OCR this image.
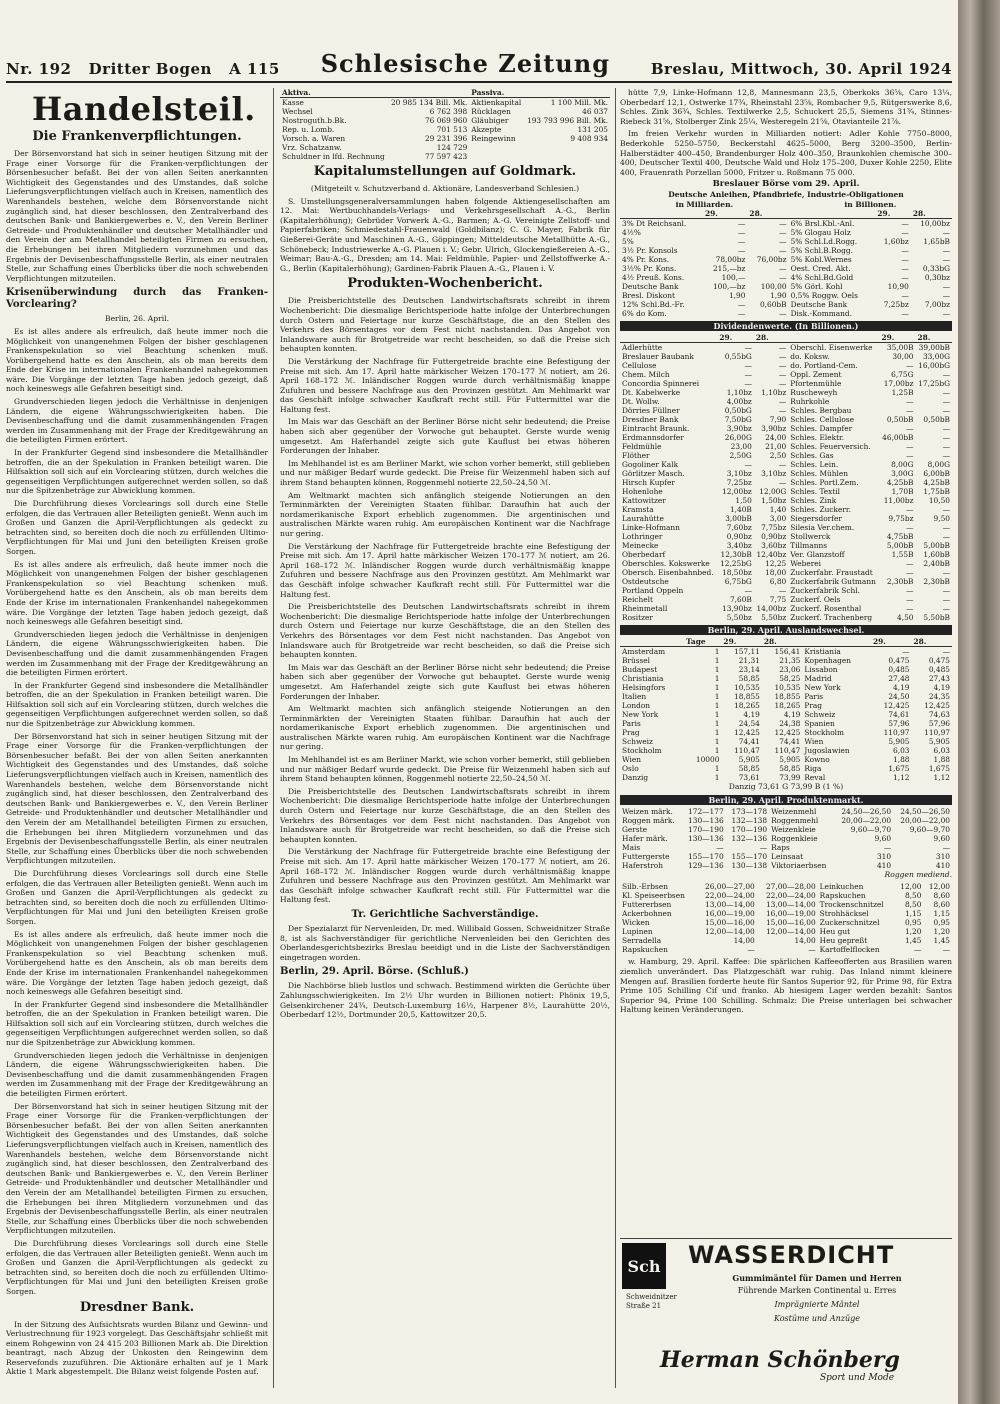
Nr. 192 Dritter Bogen A 115 Schlesische Zeitung	Breslau, Mittwoch, 30. April 1924
Handelsteil.
Die Frankenverpflichtungen.

Der Börsenvorstand hat sich in seiner heutigen Sitzung mit der Frage einer Vorsorge für die Franken-verpflichtungen der Börsenbesucher befaßt. Bei der von allen Seiten anerkannten Wichtigkeit des Gegenstandes und des Umstandes, daß solche Lieferungsverpflichtungen vielfach auch in Kreisen, namentlich des Warenhandels bestehen, welche dem Börsenvorstande nicht zugänglich sind, hat dieser beschlossen, den Zentralverband des deutschen Bank- und Bankiergewerbes e. V., den Verein Berliner Getreide- und Produktenhändler und deutscher Metallhändler und den Verein der am Metallhandel beteiligten Firmen zu ersuchen, die Erhebungen bei ihren Mitgliedern vorzunehmen und das Ergebnis der Devisenbeschaffungsstelle Berlin, als einer neutralen Stelle, zur Schaffung eines Überblicks über die noch schwebenden Verpflichtungen mitzuteilen.

Krisenüberwindung durch das Franken-Vorclearing?

Berlin, 26. April.

Es ist alles andere als erfreulich, daß heute immer noch die Möglichkeit von unangenehmen Folgen der bisher geschlagenen Frankenspekulation so viel Beachtung schenken muß. Vorübergehend hatte es den Anschein, als ob man bereits dem Ende der Krise im internationalen Frankenhandel nahegekommen wäre. Die Vorgänge der letzten Tage haben jedoch gezeigt, daß noch keineswegs alle Gefahren beseitigt sind.

Grundverschieden liegen jedoch die Verhältnisse in denjenigen Ländern, die eigene Währungsschwierigkeiten haben. Die Devisenbeschaffung und die damit zusammenhängenden Fragen werden im Zusammenhang mit der Frage der Kreditgewährung an die beteiligten Firmen erörtert.

In der Frankfurter Gegend sind insbesondere die Metallhändler betroffen, die an der Spekulation in Franken beteiligt waren. Die Hilfsaktion soll sich auf ein Vorclearing stützen, durch welches die gegenseitigen Verpflichtungen aufgerechnet werden sollen, so daß nur die Spitzenbeträge zur Abwicklung kommen.

Die Durchführung dieses Vorclearings soll durch eine Stelle erfolgen, die das Vertrauen aller Beteiligten genießt. Wenn auch im Großen und Ganzen die April-Verpflichtungen als gedeckt zu betrachten sind, so bereiten doch die noch zu erfüllenden Ultimo-Verpflichtungen für Mai und Juni den beteiligten Kreisen große Sorgen.

Es ist alles andere als erfreulich, daß heute immer noch die Möglichkeit von unangenehmen Folgen der bisher geschlagenen Frankenspekulation so viel Beachtung schenken muß. Vorübergehend hatte es den Anschein, als ob man bereits dem Ende der Krise im internationalen Frankenhandel nahegekommen wäre. Die Vorgänge der letzten Tage haben jedoch gezeigt, daß noch keineswegs alle Gefahren beseitigt sind.

Grundverschieden liegen jedoch die Verhältnisse in denjenigen Ländern, die eigene Währungsschwierigkeiten haben. Die Devisenbeschaffung und die damit zusammenhängenden Fragen werden im Zusammenhang mit der Frage der Kreditgewährung an die beteiligten Firmen erörtert.

In der Frankfurter Gegend sind insbesondere die Metallhändler betroffen, die an der Spekulation in Franken beteiligt waren. Die Hilfsaktion soll sich auf ein Vorclearing stützen, durch welches die gegenseitigen Verpflichtungen aufgerechnet werden sollen, so daß nur die Spitzenbeträge zur Abwicklung kommen.

Der Börsenvorstand hat sich in seiner heutigen Sitzung mit der Frage einer Vorsorge für die Franken-verpflichtungen der Börsenbesucher befaßt. Bei der von allen Seiten anerkannten Wichtigkeit des Gegenstandes und des Umstandes, daß solche Lieferungsverpflichtungen vielfach auch in Kreisen, namentlich des Warenhandels bestehen, welche dem Börsenvorstande nicht zugänglich sind, hat dieser beschlossen, den Zentralverband des deutschen Bank- und Bankiergewerbes e. V., den Verein Berliner Getreide- und Produktenhändler und deutscher Metallhändler und den Verein der am Metallhandel beteiligten Firmen zu ersuchen, die Erhebungen bei ihren Mitgliedern vorzunehmen und das Ergebnis der Devisenbeschaffungsstelle Berlin, als einer neutralen Stelle, zur Schaffung eines Überblicks über die noch schwebenden Verpflichtungen mitzuteilen.

Die Durchführung dieses Vorclearings soll durch eine Stelle erfolgen, die das Vertrauen aller Beteiligten genießt. Wenn auch im Großen und Ganzen die April-Verpflichtungen als gedeckt zu betrachten sind, so bereiten doch die noch zu erfüllenden Ultimo-Verpflichtungen für Mai und Juni den beteiligten Kreisen große Sorgen.

Es ist alles andere als erfreulich, daß heute immer noch die Möglichkeit von unangenehmen Folgen der bisher geschlagenen Frankenspekulation so viel Beachtung schenken muß. Vorübergehend hatte es den Anschein, als ob man bereits dem Ende der Krise im internationalen Frankenhandel nahegekommen wäre. Die Vorgänge der letzten Tage haben jedoch gezeigt, daß noch keineswegs alle Gefahren beseitigt sind.

In der Frankfurter Gegend sind insbesondere die Metallhändler betroffen, die an der Spekulation in Franken beteiligt waren. Die Hilfsaktion soll sich auf ein Vorclearing stützen, durch welches die gegenseitigen Verpflichtungen aufgerechnet werden sollen, so daß nur die Spitzenbeträge zur Abwicklung kommen.

Grundverschieden liegen jedoch die Verhältnisse in denjenigen Ländern, die eigene Währungsschwierigkeiten haben. Die Devisenbeschaffung und die damit zusammenhängenden Fragen werden im Zusammenhang mit der Frage der Kreditgewährung an die beteiligten Firmen erörtert.

Der Börsenvorstand hat sich in seiner heutigen Sitzung mit der Frage einer Vorsorge für die Franken-verpflichtungen der Börsenbesucher befaßt. Bei der von allen Seiten anerkannten Wichtigkeit des Gegenstandes und des Umstandes, daß solche Lieferungsverpflichtungen vielfach auch in Kreisen, namentlich des Warenhandels bestehen, welche dem Börsenvorstande nicht zugänglich sind, hat dieser beschlossen, den Zentralverband des deutschen Bank- und Bankiergewerbes e. V., den Verein Berliner Getreide- und Produktenhändler und deutscher Metallhändler und den Verein der am Metallhandel beteiligten Firmen zu ersuchen, die Erhebungen bei ihren Mitgliedern vorzunehmen und das Ergebnis der Devisenbeschaffungsstelle Berlin, als einer neutralen Stelle, zur Schaffung eines Überblicks über die noch schwebenden Verpflichtungen mitzuteilen.

Die Durchführung dieses Vorclearings soll durch eine Stelle erfolgen, die das Vertrauen aller Beteiligten genießt. Wenn auch im Großen und Ganzen die April-Verpflichtungen als gedeckt zu betrachten sind, so bereiten doch die noch zu erfüllenden Ultimo-Verpflichtungen für Mai und Juni den beteiligten Kreisen große Sorgen.

Dresdner Bank.

In der Sitzung des Aufsichtsrats wurden Bilanz und Gewinn- und Verlustrechnung für 1923 vorgelegt. Das Geschäftsjahr schließt mit einem Rohgewinn von 24 415 203 Billionen Mark ab. Die Direktion beantragt, nach Abzug der Unkosten den Reingewinn dem Reservefonds zuzuführen. Die Aktionäre erhalten auf je 1 Mark Aktie 1 Mark abgestempelt. Die Bilanz weist folgende Posten auf.

Aktiva.		Passiva.	
Kasse	20 985 134 Bill. Mk.	Aktienkapital	1 100 Mill. Mk.
Wechsel	6 762 398	Rücklagen	46 037
Nostroguth.b.Bk.	76 069 960	Gläubiger	193 793 996 Bill. Mk.
Rep. u. Lomb.	701 513	Akzepte	131 205
Vorsch. a. Waren	29 231 396	Reingewinn	9 408 934
Vrz. Schatzanw.	124 729		
Schuldner in lfd. Rechnung	77 597 423		
Kapitalumstellungen auf Goldmark.

(Mitgeteilt v. Schutzverband d. Aktionäre, Landesverband Schlesien.)

S. Umstellungsgeneralversammlungen haben folgende Aktiengesellschaften am 12. Mai: Wertbuchhandels-Verlags- und Verkehrsgesellschaft A.-G., Berlin (Kapitalerhöhung); Gebrüder Vorwerk A.-G., Barmen; A.-G. Vereinigte Zellstoff- und Papierfabriken; Schmiedestahl-Frauenwald (Goldbilanz); C. G. Mayer, Fabrik für Gießerei-Geräte und Maschinen A.-G., Göppingen; Mitteldeutsche Metallhütte A.-G., Schönebeck; Industriewerke A.-G. Plauen i. V.; Gebr. Ulrich, Glockengießereien A.-G., Weimar; Bau-A.-G., Dresden; am 14. Mai: Feldmühle, Papier- und Zellstoffwerke A.-G., Berlin (Kapitalerhöhung); Gardinen-Fabrik Plauen A.-G., Plauen i. V.

Produkten-Wochenbericht.

Die Preisberichtstelle des Deutschen Landwirtschaftsrats schreibt in ihrem Wochenbericht: Die diesmalige Berichtsperiode hatte infolge der Unterbrechungen durch Ostern und Feiertage nur kurze Geschäftstage, die an den Stellen des Verkehrs des Börsentages vor dem Fest nicht nachstanden. Das Angebot von Inlandsware auch für Brotgetreide war recht bescheiden, so daß die Preise sich behaupten konnten.

Die Verstärkung der Nachfrage für Futtergetreide brachte eine Befestigung der Preise mit sich. Am 17. April hatte märkischer Weizen 170–177 ℳ notiert, am 26. April 168–172 ℳ. Inländischer Roggen wurde durch verhältnismäßig knappe Zufuhren und bessere Nachfrage aus den Provinzen gestützt. Am Mehlmarkt war das Geschäft infolge schwacher Kaufkraft recht still. Für Futtermittel war die Haltung fest.

Im Mais war das Geschäft an der Berliner Börse nicht sehr bedeutend; die Preise haben sich aber gegenüber der Vorwoche gut behauptet. Gerste wurde wenig umgesetzt. Am Haferhandel zeigte sich gute Kauflust bei etwas höheren Forderungen der Inhaber.

Im Mehlhandel ist es am Berliner Markt, wie schon vorher bemerkt, still geblieben und nur mäßiger Bedarf wurde gedeckt. Die Preise für Weizenmehl haben sich auf ihrem Stand behaupten können, Roggenmehl notierte 22,50–24,50 ℳ.

Am Weltmarkt machten sich anfänglich steigende Notierungen an den Terminmärkten der Vereinigten Staaten fühlbar. Daraufhin hat auch der nordamerikanische Export erheblich zugenommen. Die argentinischen und australischen Märkte waren ruhig. Am europäischen Kontinent war die Nachfrage nur gering.

Die Verstärkung der Nachfrage für Futtergetreide brachte eine Befestigung der Preise mit sich. Am 17. April hatte märkischer Weizen 170–177 ℳ notiert, am 26. April 168–172 ℳ. Inländischer Roggen wurde durch verhältnismäßig knappe Zufuhren und bessere Nachfrage aus den Provinzen gestützt. Am Mehlmarkt war das Geschäft infolge schwacher Kaufkraft recht still. Für Futtermittel war die Haltung fest.

Die Preisberichtstelle des Deutschen Landwirtschaftsrats schreibt in ihrem Wochenbericht: Die diesmalige Berichtsperiode hatte infolge der Unterbrechungen durch Ostern und Feiertage nur kurze Geschäftstage, die an den Stellen des Verkehrs des Börsentages vor dem Fest nicht nachstanden. Das Angebot von Inlandsware auch für Brotgetreide war recht bescheiden, so daß die Preise sich behaupten konnten.

Im Mais war das Geschäft an der Berliner Börse nicht sehr bedeutend; die Preise haben sich aber gegenüber der Vorwoche gut behauptet. Gerste wurde wenig umgesetzt. Am Haferhandel zeigte sich gute Kauflust bei etwas höheren Forderungen der Inhaber.

Am Weltmarkt machten sich anfänglich steigende Notierungen an den Terminmärkten der Vereinigten Staaten fühlbar. Daraufhin hat auch der nordamerikanische Export erheblich zugenommen. Die argentinischen und australischen Märkte waren ruhig. Am europäischen Kontinent war die Nachfrage nur gering.

Im Mehlhandel ist es am Berliner Markt, wie schon vorher bemerkt, still geblieben und nur mäßiger Bedarf wurde gedeckt. Die Preise für Weizenmehl haben sich auf ihrem Stand behaupten können, Roggenmehl notierte 22,50–24,50 ℳ.

Die Preisberichtstelle des Deutschen Landwirtschaftsrats schreibt in ihrem Wochenbericht: Die diesmalige Berichtsperiode hatte infolge der Unterbrechungen durch Ostern und Feiertage nur kurze Geschäftstage, die an den Stellen des Verkehrs des Börsentages vor dem Fest nicht nachstanden. Das Angebot von Inlandsware auch für Brotgetreide war recht bescheiden, so daß die Preise sich behaupten konnten.

Die Verstärkung der Nachfrage für Futtergetreide brachte eine Befestigung der Preise mit sich. Am 17. April hatte märkischer Weizen 170–177 ℳ notiert, am 26. April 168–172 ℳ. Inländischer Roggen wurde durch verhältnismäßig knappe Zufuhren und bessere Nachfrage aus den Provinzen gestützt. Am Mehlmarkt war das Geschäft infolge schwacher Kaufkraft recht still. Für Futtermittel war die Haltung fest.

Tr. Gerichtliche Sachverständige.

Der Spezialarzt für Nervenleiden, Dr. med. Willibald Gossen, Schweidnitzer Straße 8, ist als Sachverständiger für gerichtliche Nervenleiden bei den Gerichten des Oberlandesgerichtsbezirks Breslau beeidigt und in die Liste der Sachverständigen eingetragen worden.

Berlin, 29. April. Börse. (Schluß.)

Die Nachbörse blieb lustlos und schwach. Bestimmend wirkten die Gerüchte über Zahlungsschwierigkeiten. Im 2½ Uhr wurden in Billionen notiert: Phönix 19,5, Gelsenkirchener 24¾, Deutsch-Luxemburg 16½, Harpener 8½, Laurahütte 20½, Oberbedarf 12½, Dortmunder 20,5, Kattowitzer 20,5.

hütte 7,9, Linke-Hofmann 12,8, Mannesmann 23,5, Oberkoks 36⅝, Caro 13¼, Oberbedarf 12,1, Ostwerke 17¾, Rheinstahl 23⅝, Rombacher 9,5, Rütgerswerke 8,6, Schles. Zink 36¾, Schles. Textilwerke 2,5, Schuckert 25,5, Siemens 31¾, Stinnes-Riebeck 31⅝, Stolberger Zink 25¼, Westeregeln 21⅝, Otavianteile 21⅞.

Im freien Verkehr wurden in Milliarden notiert: Adler Kohle 7750–8000, Bederkohle 5250–5750, Beckerstahl 4625–5000, Berg 3200–3500, Berlin-Halberstädter 400–450, Brandenburger Holz 400–350, Braunkohlen chemische 300–400, Deutscher Textil 400, Deutsche Wald und Holz 175–200, Duxer Kohle 2250, Elite 400, Frauenrath Porzellan 5000, Fritzer u. Roßmann 75 000.

Breslauer Börse vom 29. April.
Deutsche Anleihen, Pfandbriefe, Industrie-Obligationen
in Milliarden.	in Billionen.
	29.	28.		29.	28.
3% Dt Reichsanl.	—	—	6% Brsl.Kbl.-Anl.	—	10,00bz
4½%	—	—	5% Glogau Holz	—	—
5%	—	—	5% Schl.Ld.Rogg.	1,60bz	1,65bB
3½ Pr. Konsols	—	—	5% Schl.B.Rogg.	—	—
4% Pr. Kons.	78,00bz	76,00bz	5% Kobl.Wernes	—	—
3½% Pr. Kons.	215,—bz	—	Oest. Cred. Akt.	—	0,33bG
4½ Preuß. Kons.	100,—	—	4% Schl.Bd.Gold	—	0,30bz
Deutsche Bank	100,—bz	100,00	5% Görl. Kohl	10,90	—
Bresl. Diskont	1,90	1,90	0,5% Roggw. Oels	—	—
12% Schl.Bd.-Fr.	—	0,60bB	Deutsche Bank	7,25bz	7,00bz
6% do Kom.	—	—	Disk.-Kommand.	—	—
Dividendenwerte. (In Billionen.)
	29.	28.		29.	28.
Adlerhütte	—	—	Oberschl. Eisenwerke	35,00B	39,00bB
Breslauer Baubank	0,55bG	—	do. Koksw.	30,00	33,00G
Cellulose	—	—	do. Portland-Cem.	—	16,00bG
Chem. Milch	—	—	Oppl. Zement	6,75G	—
Concordia Spinnerei	—	—	Pfortenmühle	17,00bz	17,25bG
Dt. Kabelwerke	1,10bz	1,10bz	Ruscheweyh	1,25B	—
Dt. Wollw.	4,00bz	—	Ruhrkohle	—	—
Dörries Füllner	0,50bG	—	Schles. Bergbau	—	—
Dresdner Bank	7,50bG	7,90	Schles. Cellulose	0,50bB	0,50bB
Eintracht Braunk.	3,90bz	3,90bz	Schles. Dampfer	—	—
Erdmannsdorfer	26,00G	24,00	Schles. Elektr.	46,00bB	—
Feldmühle	23,00	21,00	Schles. Feuerversich.	—	—
Flöther	2,50G	2,50	Schles. Gas	—	—
Gogoliner Kalk	—	—	Schles. Lein.	8,00G	8,00G
Görlitzer Masch.	3,10bz	3,10bz	Schles. Mühlen	3,00G	6,00bB
Hirsch Kupfer	7,25bz	—	Schles. Portl.Zem.	4,25bB	4,25bB
Hohenlohe	12,00bz	12,00G	Schles. Textil	1,70B	1,75bB
Kattowitzer	1,50	1,50bz	Schles. Zink	11,00bz	10,50
Kramsta	1,40B	1,40	Schles. Zuckerr.	—	—
Laurahütte	3,00bB	3,00	Siegersdorfer	9,75bz	9,50
Linke-Hofmann	7,60bz	7,75bz	Silesia Ver.chem.	—	—
Lothringer	0,90bz	0,90bz	Stollwerck	4,75bB	—
Meinecke	3,40bz	3,60bz	Tillmanns	5,00bB	5,00bB
Oberbedarf	12,30bB	12,40bz	Ver. Glanzstoff	1,55B	1,60bB
Oberschles. Kokswerke	12,25bG	12,25	Weberei	—	2,40bB
Obersch. Eisenbahnbed.	18,50bz	18,00	Zuckerfabr. Fraustadt	—	—
Ostdeutsche	6,75bG	6,80	Zuckerfabrik Gutmann	2,30bB	2,30bB
Portland Oppeln	—	—	Zuckerfabrik Schl.	—	—
Reichelt	7,60B	7,75	Zuckerf. Oels	—	—
Rheinmetall	13,90bz	14,00bz	Zuckerf. Rosenthal	—	—
Rositzer	5,50bz	5,50bz	Zuckerf. Trachenberg	4,50	5,50bB
Berlin, 29. April. Auslandswechsel.
	Tage	29.	28.		29.	28.
Amsterdam	1	157,11	156,41	Kristiania	—	—
Brüssel	1	21,31	21,35	Kopenhagen	0,475	0,475
Budapest	1	23,14	23,06	Lissabon	0,485	0,485
Christiania	1	58,85	58,25	Madrid	27,48	27,43
Helsingfors	1	10,535	10,535	New York	4,19	4,19
Italien	1	18,855	18,855	Paris	24,50	24,35
London	1	18,265	18,265	Prag	12,425	12,425
New York	1	4,19	4,19	Schweiz	74,61	74,63
Paris	1	24,54	24,38	Spanien	57,96	57,96
Prag	1	12,425	12,425	Stockholm	110,97	110,97
Schweiz	1	74,41	74,41	Wien	5,905	5,905
Stockholm	1	110,47	110,47	Jugoslawien	6,03	6,03
Wien	10000	5,905	5,905	Kowno	1,88	1,88
Oslo	1	58,85	58,85	Riga	1,675	1,675
Danzig	1	73,61	73,99	Reval	1,12	1,12
Danzig 73,61 G 73,99 B (1 %)
Berlin, 29. April. Produktenmarkt.
Weizen märk.	172—177	173—178	Weizenmehl	24,50—26,50	24,50—26,50
Roggen märk.	130—136	132—138	Roggenmehl	20,00—22,00	20,00—22,00
Gerste	170—190	170—190	Weizenkleie	9,60—9,70	9,60—9,70
Hafer märk.	130—136	132—136	Roggenkleie	9,60	9,60
Mais	—	—	Raps	—	—
Futtergerste	155—170	155—170	Leinsaat	310	310
Haferstroh	129—136	130—138	Viktoriaerbsen	410	410
Roggen mediend.
Silb.-Erbsen	26,00—27,00	27,00—28,00	Leinkuchen	12,00	12,00
Kl. Speiseerbsen	22,00—24,00	22,00—24,00	Rapskuchen	8,50	8,60
Futtererbsen	13,00—14,00	13,00—14,00	Trockenschnitzel	8,50	8,60
Ackerbohnen	16,00—19,00	16,00—19,00	Strohhäcksel	1,15	1,15
Wicken	15,00—16,00	15,00—16,00	Zuckerschnitzel	0,95	0,95
Lupinen	12,00—14,00	12,00—14,00	Heu gut	1,20	1,20
Serradella	14,00	14,00	Heu gepreßt	1,45	1,45
Rapskuchen	—	—	Kartoffelflocken	—	—

w. Hamburg, 29. April. Kaffee: Die spärlichen Kaffeeofferten aus Brasilien waren ziemlich unverändert. Das Platzgeschäft war ruhig. Das Inland nimmt kleinere Mengen auf. Brasilien forderte heute für Santos Superior 92, für Prime 98, für Extra Prime 105 Schilling Cif und franko. Ab hiesigem Lager werden bezahlt: Santos Superior 94, Prime 100 Schilling. Schmalz: Die Preise unterlagen bei schwacher Haltung keinen Veränderungen.

Sch WASSERDICHT
Gummimäntel für Damen und Herren
Führende Marken Continental u. Erres
Imprägnierte Mäntel
Kostüme und Anzüge
Schweidnitzer
Straße 21
Herman Schönberg
Sport und Mode
